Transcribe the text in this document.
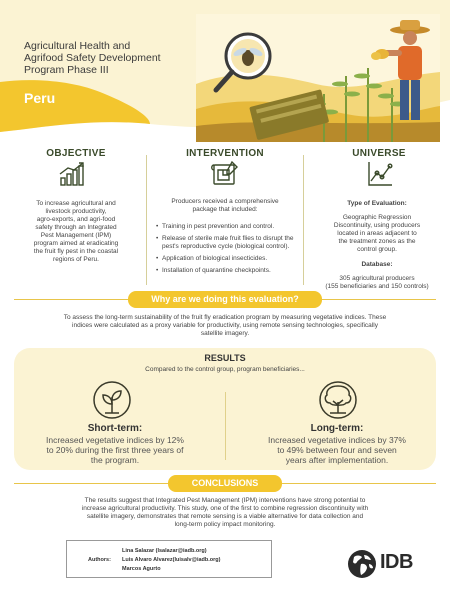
Agricultural Health and
Agrifood Safety Development
Program Phase III
Peru
OBJECTIVE
To increase agricultural and
livestock productivity,
agro-exports, and agri-food
safety through an Integrated
Pest Management (IPM)
program aimed at eradicating
the fruit fly pest in the coastal
regions of Peru.
INTERVENTION
Producers received a comprehensive
package that included:
• Training in pest prevention and control.
• Release of sterile male fruit flies to disrupt the
pest's reproductive cycle (biological control).
• Application of biological insecticides.
• Installation of quarantine checkpoints.
UNIVERSE
Type of Evaluation:
Geographic Regression
Discontinuity, using producers
located in areas adjacent to
the treatment zones as the
control group.
Database:
305 agricultural producers
(155 beneficiaries and 150 controls)
Why are we doing this evaluation?
To assess the long-term sustainability of the fruit fly eradication program by measuring vegetative indices. These
indices were calculated as a proxy variable for productivity, using remote sensing technologies, specifically
satellite imagery.
RESULTS
Compared to the control group, program beneficiaries...
Short-term:
Increased vegetative indices by 12%
to 20% during the first three years of
the program.
Long-term:
Increased vegetative indices by 37%
to 49% between four and seven
years after implementation.
CONCLUSIONS
The results suggest that Integrated Pest Management (IPM) interventions have strong potential to
increase agricultural productivity. This study, one of the first to combine regression discontinuity with
satellite imagery, demonstrates that remote sensing is a viable alternative for data collection and
long-term policy impact monitoring.
Authors:
Lina Salazar (lsalazar@iadb.org)
Luis Alvaro Alvarez(luisalv@iadb.org)
Marcos Agurto	IDB
